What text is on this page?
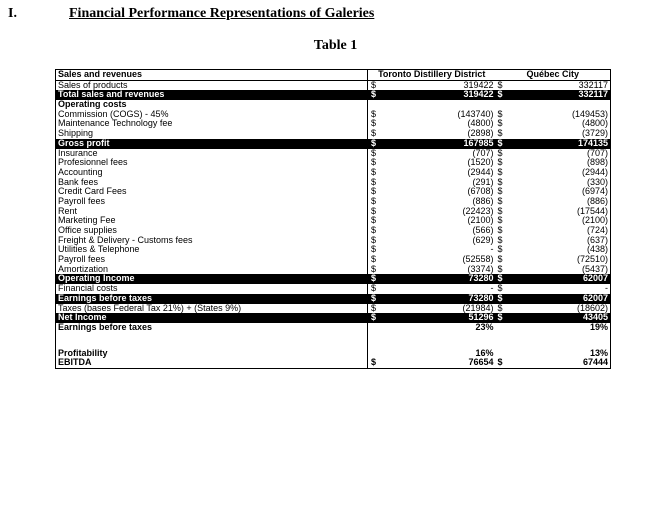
I.	Financial Performance Representations of Galeries
Table 1
Sales and revenues	Toronto Distillery District		Québec City	
Sales of products	$	319422	$	332117
Total sales and revenues	$	319422	$	332117
Operating costs				
Commission (COGS) - 45%	$	(143740)	$	(149453)
Maintenance Technology fee	$	(4800)	$	(4800)
Shipping	$	(2898)	$	(3729)
Gross profit	$	167985	$	174135
Insurance	$	(707)	$	(707)
Profesionnel fees	$	(1520)	$	(898)
Accounting	$	(2944)	$	(2944)
Bank fees	$	(291)	$	(330)
Credit Card Fees	$	(6708)	$	(6974)
Payroll fees	$	(886)	$	(886)
Rent	$	(22423)	$	(17544)
Marketing Fee	$	(2100)	$	(2100)
Office supplies	$	(566)	$	(724)
Freight & Delivery - Customs fees	$	(629)	$	(637)
Utilities & Telephone	$	-	$	(438)
Payroll fees	$	(52558)	$	(72510)
Amortization	$	(3374)	$	(5437)
Operating Income	$	73280	$	62007
Financial costs	$	-	$	-
Earnings before taxes	$	73280	$	62007
Taxes (bases Federal Tax 21%) + (States 9%)	$	(21984)	$	(18602)
Net Income	$	51296	$	43405
Earnings before taxes		23%		19%

Profitability		16%		13%
EBITDA	$	76654	$	67444
